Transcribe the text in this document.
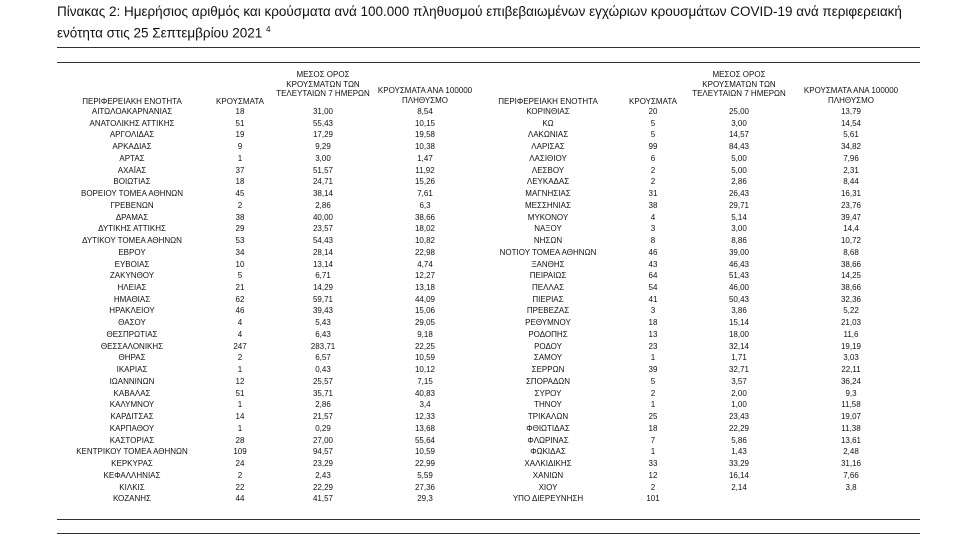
Πίνακας 2: Ημερήσιος αριθμός και κρούσματα ανά 100.000 πληθυσμού επιβεβαιωμένων εγχώριων κρουσμάτων COVID-19 ανά περιφερειακή
ενότητα στις 25 Σεπτεμβρίου 2021 $^4$
ΠΕΡΙΦΕΡΕΙΑΚΗ ΕΝΟΤΗΤΑ	ΚΡΟΥΣΜΑΤΑ
ΜΕΣΟΣ ΟΡΟΣ
ΚΡΟΥΣΜΑΤΩΝ ΤΩΝ
ΤΕΛΕΥΤΑΙΩΝ 7 ΗΜΕΡΩΝ	ΚΡΟΥΣΜΑΤΑ ΑΝΑ 100000
ΠΛΗΘΥΣΜΟ	ΠΕΡΙΦΕΡΕΙΑΚΗ ΕΝΟΤΗΤΑ	ΚΡΟΥΣΜΑΤΑ
ΜΕΣΟΣ ΟΡΟΣ
ΚΡΟΥΣΜΑΤΩΝ ΤΩΝ
ΤΕΛΕΥΤΑΙΩΝ 7 ΗΜΕΡΩΝ	ΚΡΟΥΣΜΑΤΑ ΑΝΑ 100000
ΠΛΗΘΥΣΜΟ
ΑΙΤΩΛΟΑΚΑΡΝΑΝΙΑΣ	18	31,00	8,54	ΚΟΡΙΝΘΙΑΣ	20	25,00	13,79
ΑΝΑΤΟΛΙΚΗΣ ΑΤΤΙΚΗΣ	51	55,43	10,15	ΚΩ	5	3,00	14,54
ΑΡΓΟΛΙΔΑΣ	19	17,29	19,58	ΛΑΚΩΝΙΑΣ	5	14,57	5,61
ΑΡΚΑΔΙΑΣ	9	9,29	10,38	ΛΑΡΙΣΑΣ	99	84,43	34,82
ΑΡΤΑΣ	1	3,00	1,47	ΛΑΣΙΘΙΟΥ	6	5,00	7,96
ΑΧΑΪΑΣ	37	51,57	11,92	ΛΕΣΒΟΥ	2	5,00	2,31
ΒΟΙΩΤΙΑΣ	18	24,71	15,26	ΛΕΥΚΑΔΑΣ	2	2,86	8,44
ΒΟΡΕΙΟΥ ΤΟΜΕΑ ΑΘΗΝΩΝ	45	38,14	7,61	ΜΑΓΝΗΣΙΑΣ	31	26,43	16,31
ΓΡΕΒΕΝΩΝ	2	2,86	6,3	ΜΕΣΣΗΝΙΑΣ	38	29,71	23,76
ΔΡΑΜΑΣ	38	40,00	38,66	ΜΥΚΟΝΟΥ	4	5,14	39,47
ΔΥΤΙΚΗΣ ΑΤΤΙΚΗΣ	29	23,57	18,02	ΝΑΞΟΥ	3	3,00	14,4
ΔΥΤΙΚΟΥ ΤΟΜΕΑ ΑΘΗΝΩΝ	53	54,43	10,82	ΝΗΣΩΝ	8	8,86	10,72
ΕΒΡΟΥ	34	28,14	22,98	ΝΟΤΙΟΥ ΤΟΜΕΑ ΑΘΗΝΩΝ	46	39,00	8,68
ΕΥΒΟΙΑΣ	10	13,14	4,74	ΞΑΝΘΗΣ	43	46,43	38,66
ΖΑΚΥΝΘΟΥ	5	6,71	12,27	ΠΕΙΡΑΙΩΣ	64	51,43	14,25
ΗΛΕΙΑΣ	21	14,29	13,18	ΠΕΛΛΑΣ	54	46,00	38,66
ΗΜΑΘΙΑΣ	62	59,71	44,09	ΠΙΕΡΙΑΣ	41	50,43	32,36
ΗΡΑΚΛΕΙΟΥ	46	39,43	15,06	ΠΡΕΒΕΖΑΣ	3	3,86	5,22
ΘΑΣΟΥ	4	5,43	29,05	ΡΕΘΥΜΝΟΥ	18	15,14	21,03
ΘΕΣΠΡΩΤΙΑΣ	4	6,43	9,18	ΡΟΔΟΠΗΣ	13	18,00	11,6
ΘΕΣΣΑΛΟΝΙΚΗΣ	247	283,71	22,25	ΡΟΔΟΥ	23	32,14	19,19
ΘΗΡΑΣ	2	6,57	10,59	ΣΑΜΟΥ	1	1,71	3,03
ΙΚΑΡΙΑΣ	1	0,43	10,12	ΣΕΡΡΩΝ	39	32,71	22,11
ΙΩΑΝΝΙΝΩΝ	12	25,57	7,15	ΣΠΟΡΑΔΩΝ	5	3,57	36,24
ΚΑΒΑΛΑΣ	51	35,71	40,83	ΣΥΡΟΥ	2	2,00	9,3
ΚΑΛΥΜΝΟΥ	1	2,86	3,4	ΤΗΝΟΥ	1	1,00	11,58
ΚΑΡΔΙΤΣΑΣ	14	21,57	12,33	ΤΡΙΚΑΛΩΝ	25	23,43	19,07
ΚΑΡΠΑΘΟΥ	1	0,29	13,68	ΦΘΙΩΤΙΔΑΣ	18	22,29	11,38
ΚΑΣΤΟΡΙΑΣ	28	27,00	55,64	ΦΛΩΡΙΝΑΣ	7	5,86	13,61
ΚΕΝΤΡΙΚΟΥ ΤΟΜΕΑ ΑΘΗΝΩΝ	109	94,57	10,59	ΦΩΚΙΔΑΣ	1	1,43	2,48
ΚΕΡΚΥΡΑΣ	24	23,29	22,99	ΧΑΛΚΙΔΙΚΗΣ	33	33,29	31,16
ΚΕΦΑΛΛΗΝΙΑΣ	2	2,43	5,59	ΧΑΝΙΩΝ	12	16,14	7,66
ΚΙΛΚΙΣ	22	22,29	27,36	ΧΙΟΥ	2	2,14	3,8
ΚΟΖΑΝΗΣ	44	41,57	29,3	ΥΠΟ ΔΙΕΡΕΥΝΗΣΗ	101
